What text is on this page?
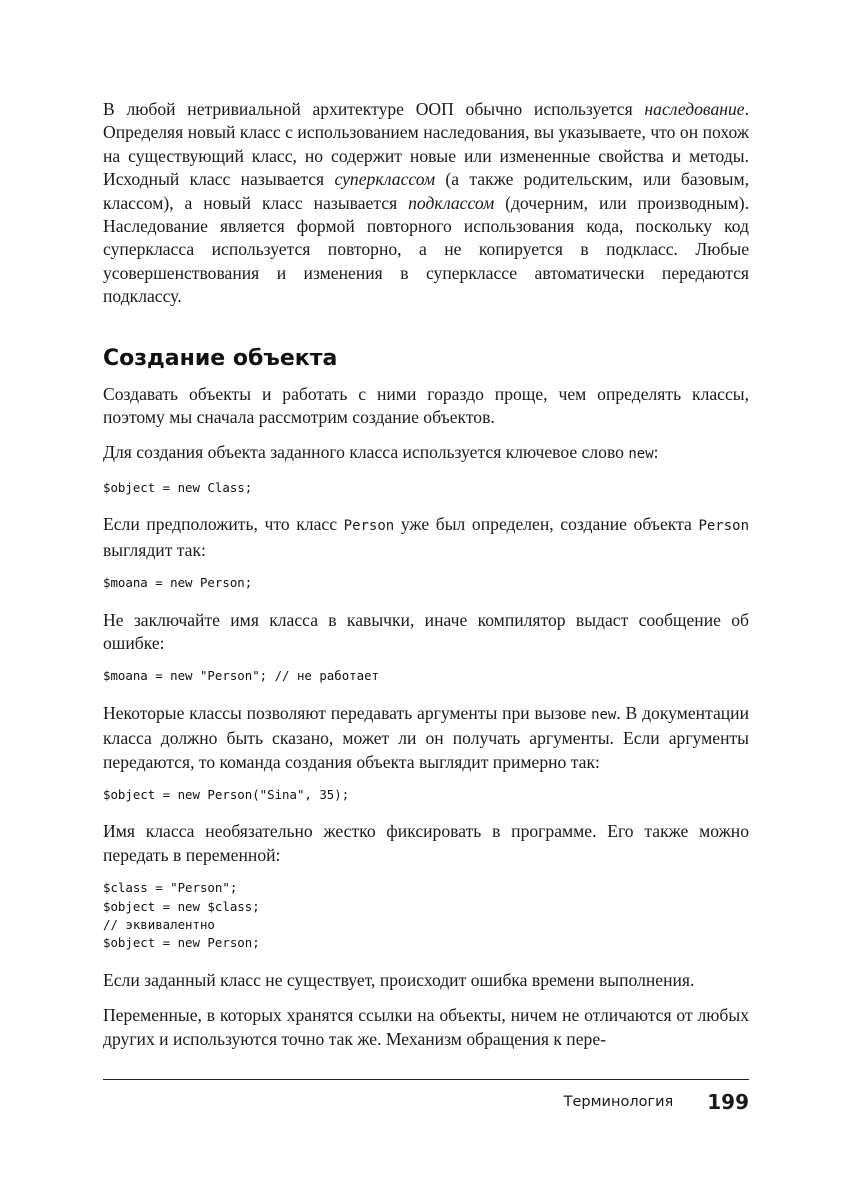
В любой нетривиальной архитектуре ООП обычно используется наследование. Определяя новый класс с использованием наследования, вы указываете, что он похож на существующий класс, но содержит новые или измененные свойства и методы. Исходный класс называется суперклассом (а также родительским, или базовым, классом), а новый класс называется подклассом (дочерним, или производным). Наследование является формой повторного использования кода, поскольку код суперкласса используется повторно, а не копируется в подкласс. Любые усовершенствования и изменения в суперклассе автоматически передаются подклассу.

Создание объекта

Создавать объекты и работать с ними гораздо проще, чем определять классы, поэтому мы сначала рассмотрим создание объектов.

Для создания объекта заданного класса используется ключевое слово new:

$object = new Class;

Если предположить, что класс Person уже был определен, создание объекта Person выглядит так:

$moana = new Person;

Не заключайте имя класса в кавычки, иначе компилятор выдаст сообщение об ошибке:

$moana = new "Person"; // не работает

Некоторые классы позволяют передавать аргументы при вызове new. В документации класса должно быть сказано, может ли он получать аргументы. Если аргументы передаются, то команда создания объекта выглядит примерно так:

$object = new Person("Sina", 35);

Имя класса необязательно жестко фиксировать в программе. Его также можно передать в переменной:

$class = "Person";
$object = new $class;
// эквивалентно
$object = new Person;

Если заданный класс не существует, происходит ошибка времени выполнения.

Переменные, в которых хранятся ссылки на объекты, ничем не отличаются от любых других и используются точно так же. Механизм обращения к пере-

Терминология 199
